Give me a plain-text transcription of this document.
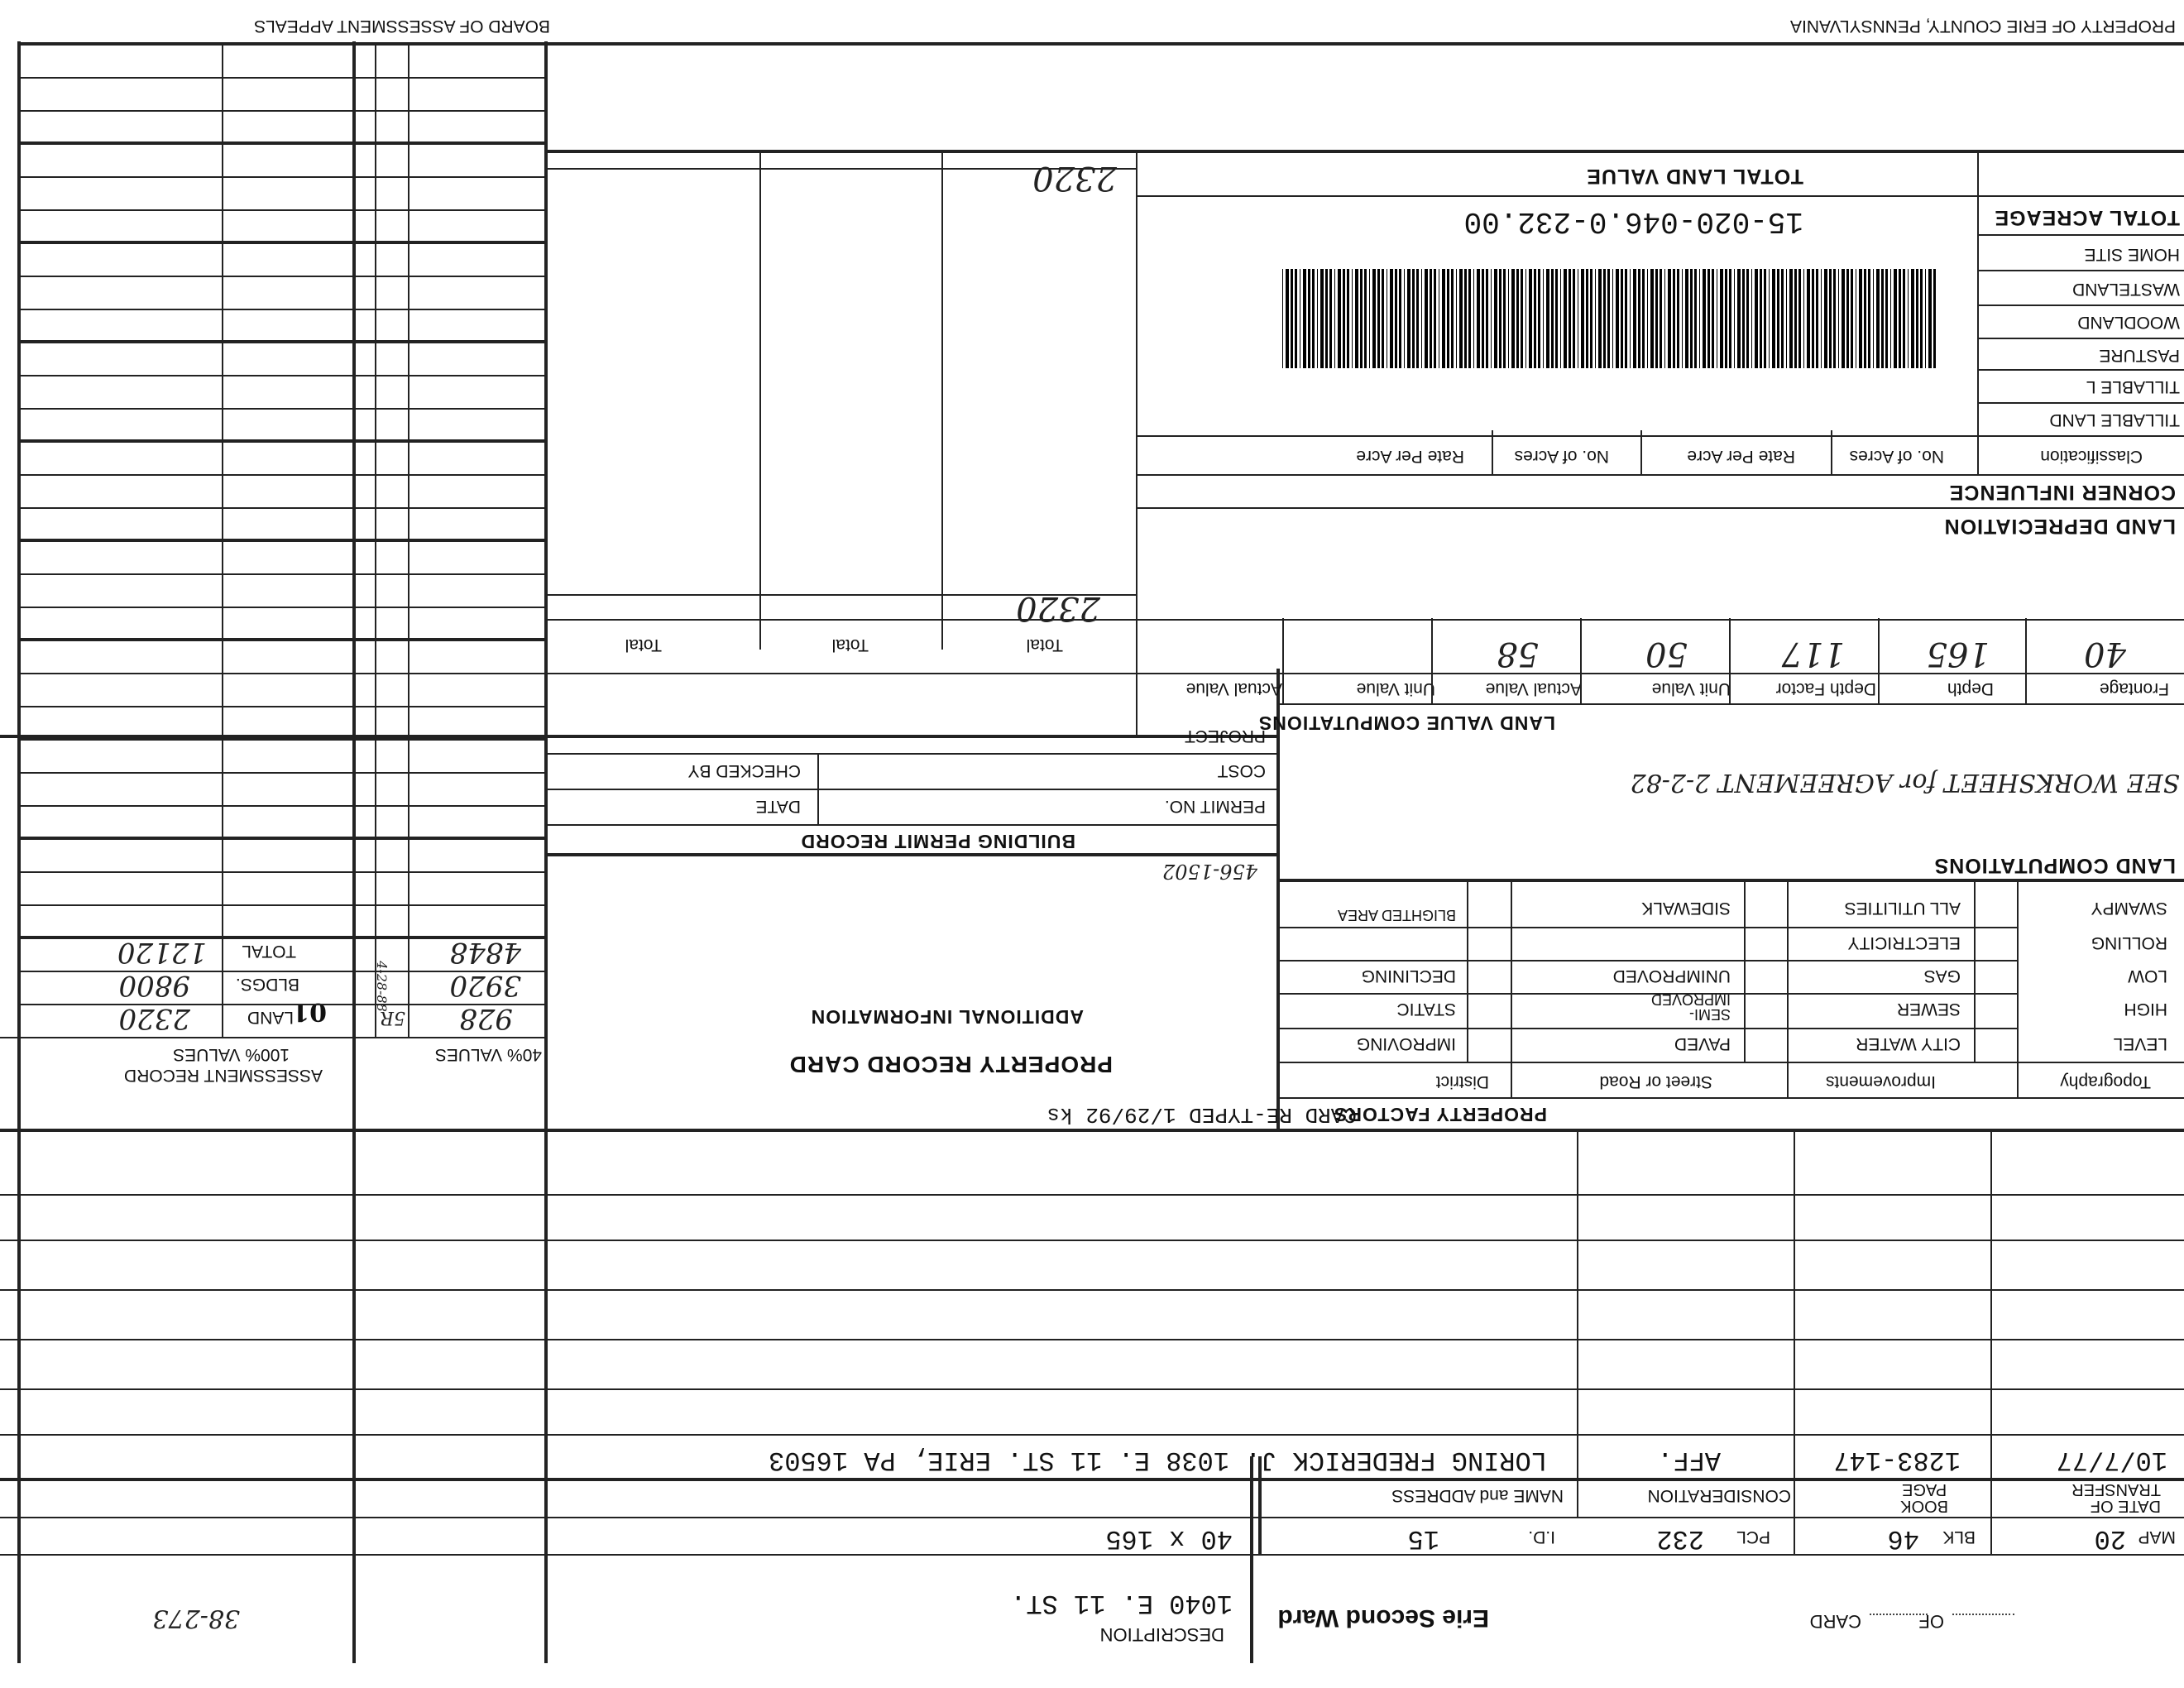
DESCRIPTION
1040 E. 11 ST. Erie Second Ward	CARD	OF
38-273
MAP
20
BLK
46
PCL
232
I.D.
15
40 x 165
DATE OF
TRANSFER
BOOK
PAGE
CONSIDERATION
NAME and ADDRESS
10/7/77
1283-147
AFF.
LORING FREDERICK J. 1038 E. 11 ST. ERIE, PA 16503
PROPERTY FACTORS
CARD RE-TYPED 1/29/92 ks
Topography
Improvements
Street or Road
District
LEVEL
HIGH
LOW
ROLLING
SWAMPY
CITY WATER
SEWER
GAS
ELECTRICITY
ALL UTILITIES
PAVED
SEMI-IMPROVED
UNIMPROVED
SIDEWALK
IMPROVING
STATIC
DECLINING
BLIGHTED AREA
LAND COMPUTATIONS
SEE WORKSHEET for AGREEMENT 2-2-82
LAND VALUE COMPUTATIONS
Frontage
Depth
Depth Factor
Unit Value
Actual Value
Unit Value
Actual Value
40
165
117
50
58
LAND DEPRECIATION
CORNER INFLUENCE
Classification
No. of Acres
Rate Per Acre
No. of Acres
Rate Per Acre
TILLABLE LAND
TILLABLE L
PASTURE
WOODLAND
WASTELAND
HOME SITE
TOTAL ACREAGE
15-020-046.0-232.00
TOTAL LAND VALUE
2320
Total
Total
Total
2320
PROPERTY RECORD CARD
ADDITIONAL INFORMATION
456-1502
BUILDING PERMIT RECORD
PERMIT NO.
DATE
COST
CHECKED BY
PROJECT
40% VALUES
928
3920
4848
4-28-88
5R
ASSESSMENT RECORD
100% VALUES
LAND
BLDGS.
TOTAL
2320
9800
12120
01
PROPERTY OF ERIE COUNTY, PENNSYLVANIA
BOARD OF ASSESSMENT APPEALS
